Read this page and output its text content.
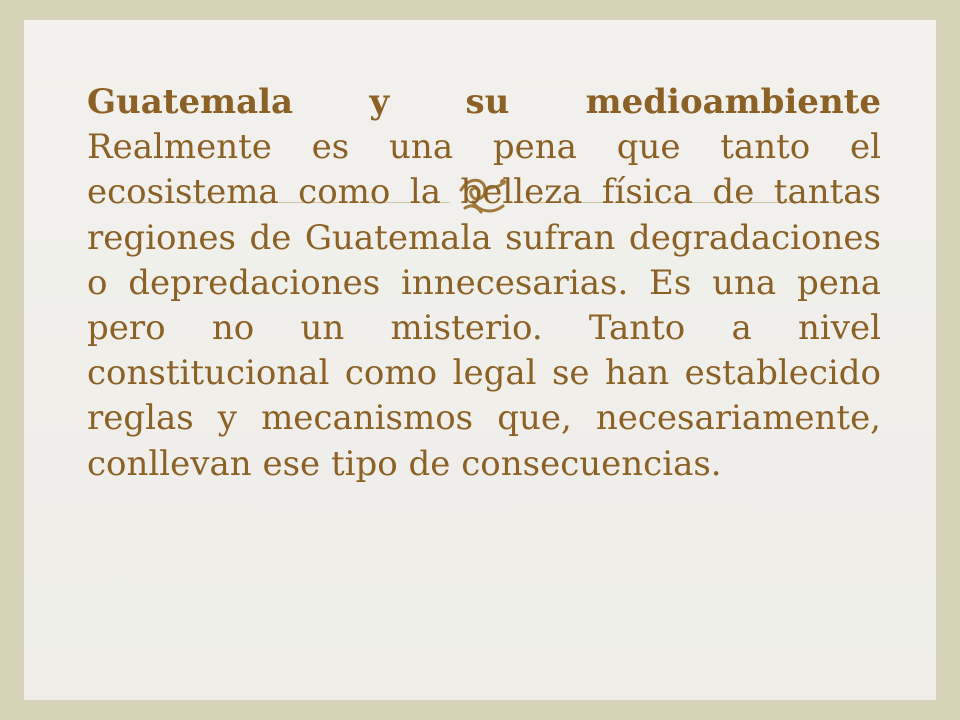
Guatemala y su medioambiente Realmente es una pena que tanto el ecosistema como la belleza física de tantas regiones de Guatemala sufran degradaciones o depredaciones innecesarias. Es una pena pero no un misterio. Tanto a nivel constitucional como legal se han establecido reglas y mecanismos que, necesariamente, conllevan ese tipo de consecuencias.
